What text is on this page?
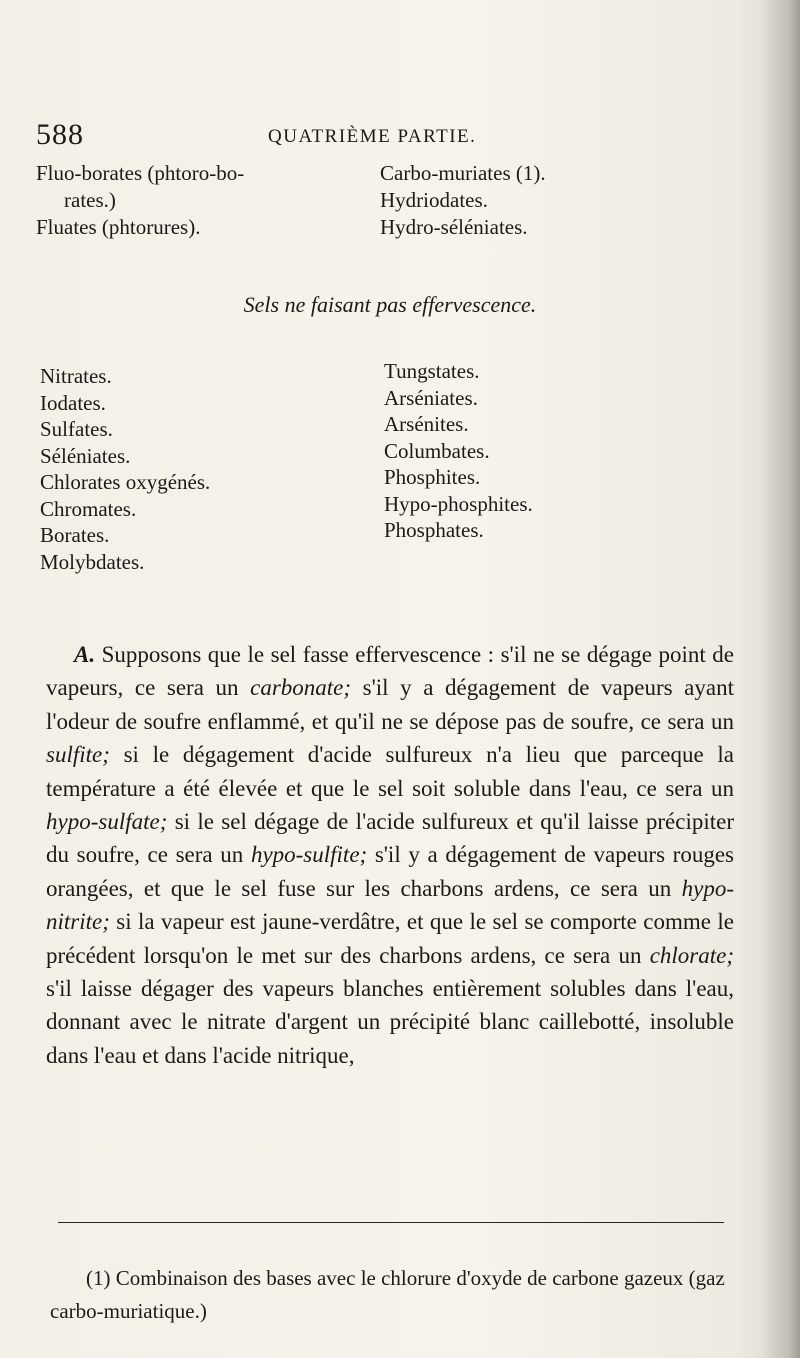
588	QUATRIÈME PARTIE.
Fluo-borates (phtoro-bo-
rates.)
Fluates (phtorures).
Carbo-muriates (1).
Hydriodates.
Hydro-séléniates.
Sels ne faisant pas effervescence.
Nitrates.
Iodates.
Sulfates.
Séléniates.
Chlorates oxygénés.
Chromates.
Borates.
Molybdates.
Tungstates.
Arséniates.
Arsénites.
Columbates.
Phosphites.
Hypo-phosphites.
Phosphates.
A. Supposons que le sel fasse effervescence : s'il ne se dégage point de vapeurs, ce sera un carbonate; s'il y a dégagement de vapeurs ayant l'odeur de soufre enflammé, et qu'il ne se dépose pas de soufre, ce sera un sulfite; si le dégagement d'acide sulfureux n'a lieu que parceque la température a été élevée et que le sel soit soluble dans l'eau, ce sera un hypo-sulfate; si le sel dégage de l'acide sulfureux et qu'il laisse précipiter du soufre, ce sera un hypo-sulfite; s'il y a dégagement de vapeurs rouges orangées, et que le sel fuse sur les charbons ardens, ce sera un hypo-nitrite; si la vapeur est jaune-verdâtre, et que le sel se comporte comme le précédent lorsqu'on le met sur des charbons ardens, ce sera un chlorate; s'il laisse dégager des vapeurs blanches entièrement solubles dans l'eau, donnant avec le nitrate d'argent un précipité blanc caillebotté, insoluble dans l'eau et dans l'acide nitrique,
(1) Combinaison des bases avec le chlorure d'oxyde de carbone gazeux (gaz carbo-muriatique.)
